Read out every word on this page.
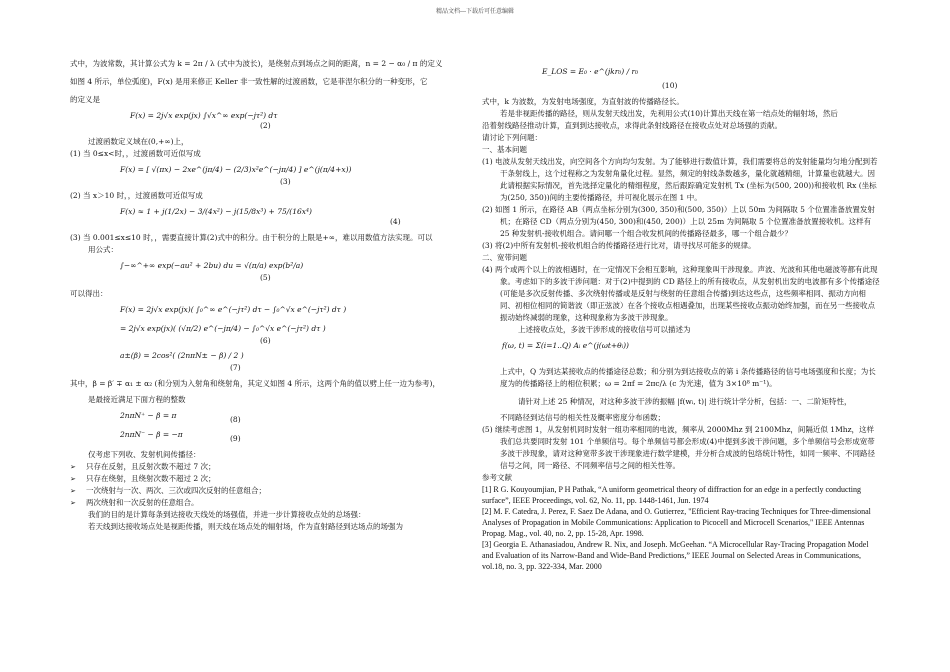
精品文档---下载后可任意编辑

式中，为波常数，其计算公式为 k = 2π / λ (式中为波长)，是绕射点到场点之间的距离，n = 2 − α₀ / π 的定义

如图 4 所示，单位弧度)，F(x) 是用来修正 Keller 非一致性解的过渡函数，它是菲涅尔积分的一种变形，它

的定义是

F(x) = 2j√x exp(jx) ∫√x^∞ exp(−jτ²) dτ
(2)

过渡函数定义域在(0,+∞)上，

(1) 当 0≤x<时，，过渡函数可近似写成

F(x) = [ √(πx) − 2xe^(jπ/4) − (2/3)x²e^(−jπ/4) ] e^(j(π/4+x))
(3)

(2) 当 x＞10 时，，过渡函数可近似写成

F(x) ≈ 1 + j(1/2x) − 3/(4x²) − j(15/8x³) + 75/(16x⁴)
(4)

(3) 当 0.001≤x≤10 时，，需要直接计算(2)式中的积分。由于积分的上限是+∞，难以用数值方法实现。可以

用公式：

∫−∞^+∞ exp(−au² + 2bu) du = √(π/a) exp(b²/a)
(5)

可以得出：

F(x) = 2j√x exp(jx)( ∫₀^∞ e^(−jτ²) dτ − ∫₀^√x e^(−jτ²) dτ )
= 2j√x exp(jx)( (√π/2) e^(−jπ/4) − ∫₀^√x e^(−jτ²) dτ )
(6)
a±(β) = 2cos²( (2nπN± − β) / 2 )
(7)

其中，β = β′ ∓ α₁ ± α₂ (和分别为入射角和绕射角，其定义如图 4 所示，这两个角的值以劈上任一边为参考)，

是最接近满足下面方程的整数

2nπN⁺ − β = π	(8)
2nπN⁻ − β = −π	(9)

仅考虑下列收、发射机间传播径：

➢ 只存在反射，且反射次数不超过 7 次；

➢ 只存在绕射，且绕射次数不超过 2 次；

➢ 一次绕射与一次、两次、三次或四次反射的任意组合；

➢ 两次绕射和一次反射的任意组合。

我们的目的是计算每条到达接收天线处的场强值，并进一步计算接收点处的总场强：

若天线到达接收场点处是视距传播，则天线在场点处的辐射场，作为直射路径到达场点的场强为

E_LOS = E₀ · e^(jkr₀) / r₀
(10)

式中，k 为波数，为发射电场强度，为直射波的传播路径长。

若是非视距传播的路径，则从发射天线出发，先利用公式(10)计算出天线在第一结点处的辐射场，然后

沿着射线路径推动计算，直到到达接收点，求得此条射线路径在接收点处对总场强的贡献。

请讨论下列问题：

一、基本问题

(1) 电波从发射天线出发，向空间各个方向均匀发射。为了能够进行数值计算，我们需要将总的发射能量均匀地分配到若干条射线上，这个过程称之为发射角量化过程。显然，频定的射线条数越多，量化就越精细，计算量也就越大。因此请根据实际情况，首先选择定量化的精细程度，然后跟踪确定发射机 Tx (坐标为(500, 200))和接收机 Rx (坐标为(250, 350))间的主要传播路径，并可视化展示在图 1 中。

(2) 如图 1 所示，在路径 AB（两点坐标分别为(300, 350)和(500, 350)）上以 50m 为间隔取 5 个位置准备放置发射机；在路径 CD（两点分别为(450, 300)和(450, 200)）上以 25m 为间隔取 5 个位置准备放置接收机。这样有 25 种发射机-接收机组合。请问哪一个组合收发机间的传播路径最多，哪一个组合最少？

(3) 将(2)中所有发射机-接收机组合的传播路径进行比对，请寻找尽可能多的规律。

二、宽带问题

(4) 两个或两个以上的波相遇时，在一定情况下会相互影响，这种现象叫干涉现象。声波、光波和其他电磁波等都有此现象。考虑如下的多波干涉问题：对于(2)中提到的 CD 路径上的所有接收点，从发射机出发的电波都有多个传播途径(可能是多次反射传播、多次绕射传播或是反射与绕射的任意组合传播)到达这些点，这些频率相同、振动方向相同、初相位相同的简谐波（即正弦波）在各个接收点相遇叠加，出现某些接收点振动始终加强，而在另一些接收点振动始终减弱的现象，这种现象称为多波干涉现象。

上述接收点处，多波干涉形成的接收信号可以描述为

f(ω, t) = Σ(i=1..Q) Aᵢ e^(j(ωt+θᵢ))

上式中，Q 为到达某接收点的传播途径总数；和分别为到达接收点的第 i 条传播路径的信号电场强度和长度；为长度为的传播路径上的相位积累；ω = 2πf = 2πc/λ (c 为光速，值为 3×10⁸ m⁻¹)。

请针对上述 25 种情况，对这种多波干涉的振幅 |f(wᵢ, t)| 进行统计学分析，包括：一、二阶矩特性，

不同路径到达信号的相关性及概率密度分布函数；

(5) 继续考虑图 1，从发射机同时发射一组功率相同的电波，频率从 2000Mhz 到 2100Mhz，间隔近似 1Mhz，这样我们总共要同时发射 101 个单频信号。每个单频信号都会形成(4)中提到多波干涉问题，多个单频信号会形成宽带多波干涉现象，请对这种宽带多波干涉现象进行数学建模，并分析合成波的包络统计特性，如同一频率、不同路径信号之间，同一路径、不同频率信号之间的相关性等。

参考文献

[1] R G. Kouyoumjian, P H Pathak, “A uniform geometrical theory of diffraction for an edge in a perfectly conducting surface”, IEEE Proceedings, vol. 62, No. 11, pp. 1448-1461, Jun. 1974

[2] M. F. Catedra, J. Perez, F. Saez De Adana, and O. Gutierrez, "Efficient Ray-tracing Techniques for Three-dimensional Analyses of Propagation in Mobile Communications: Application to Picocell and Microcell Scenarios," IEEE Antennas Propag. Mag., vol. 40, no. 2, pp. 15-28, Apr. 1998.

[3] Georgia E. Athanasiadou, Andrew R. Nix, and Joseph. McGeehan. “A Microcellular Ray-Tracing Propagation Model and Evaluation of its Narrow-Band and Wide-Band Predictions,” IEEE Journal on Selected Areas in Communications, vol.18, no. 3, pp. 322-334, Mar. 2000
